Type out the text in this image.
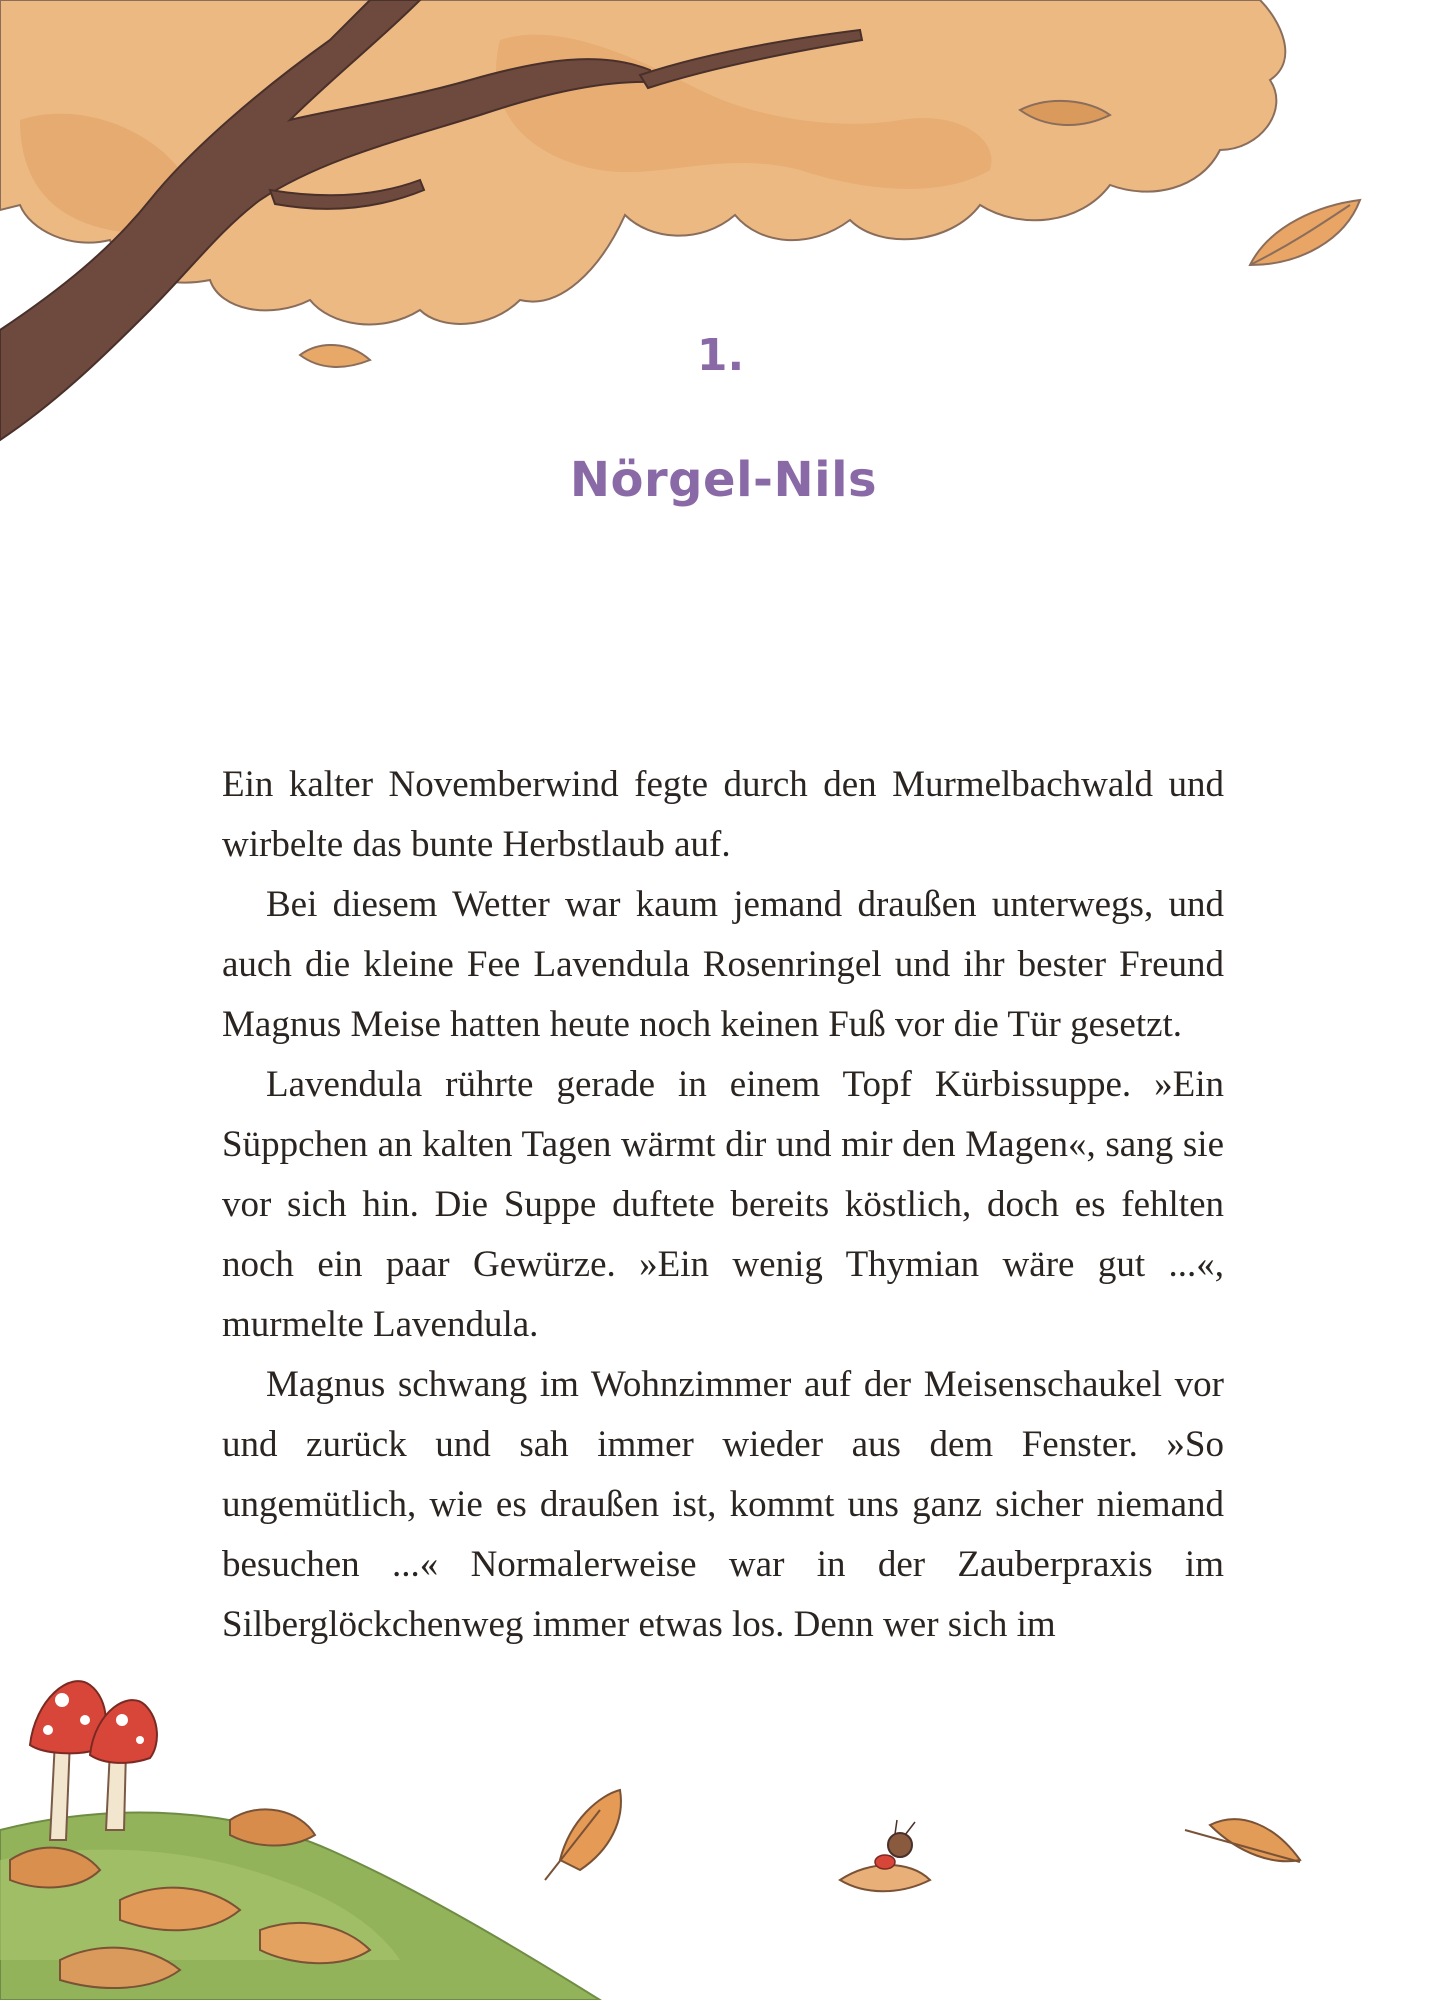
1.
Nörgel-Nils

Ein kalter Novemberwind fegte durch den Murmelbachwald und wirbelte das bunte Herbstlaub auf.

Bei diesem Wetter war kaum jemand draußen unterwegs, und auch die kleine Fee Lavendula Rosenringel und ihr bester Freund Magnus Meise hatten heute noch keinen Fuß vor die Tür gesetzt.

Lavendula rührte gerade in einem Topf Kürbissuppe. »Ein Süppchen an kalten Tagen wärmt dir und mir den Magen«, sang sie vor sich hin. Die Suppe duftete bereits köstlich, doch es fehlten noch ein paar Gewürze. »Ein wenig Thymian wäre gut ...«, murmelte Lavendula.

Magnus schwang im Wohnzimmer auf der Meisenschaukel vor und zurück und sah immer wieder aus dem Fenster. »So ungemütlich, wie es draußen ist, kommt uns ganz sicher niemand besuchen ...« Normalerweise war in der Zauberpraxis im Silberglöckchenweg immer etwas los. Denn wer sich im
